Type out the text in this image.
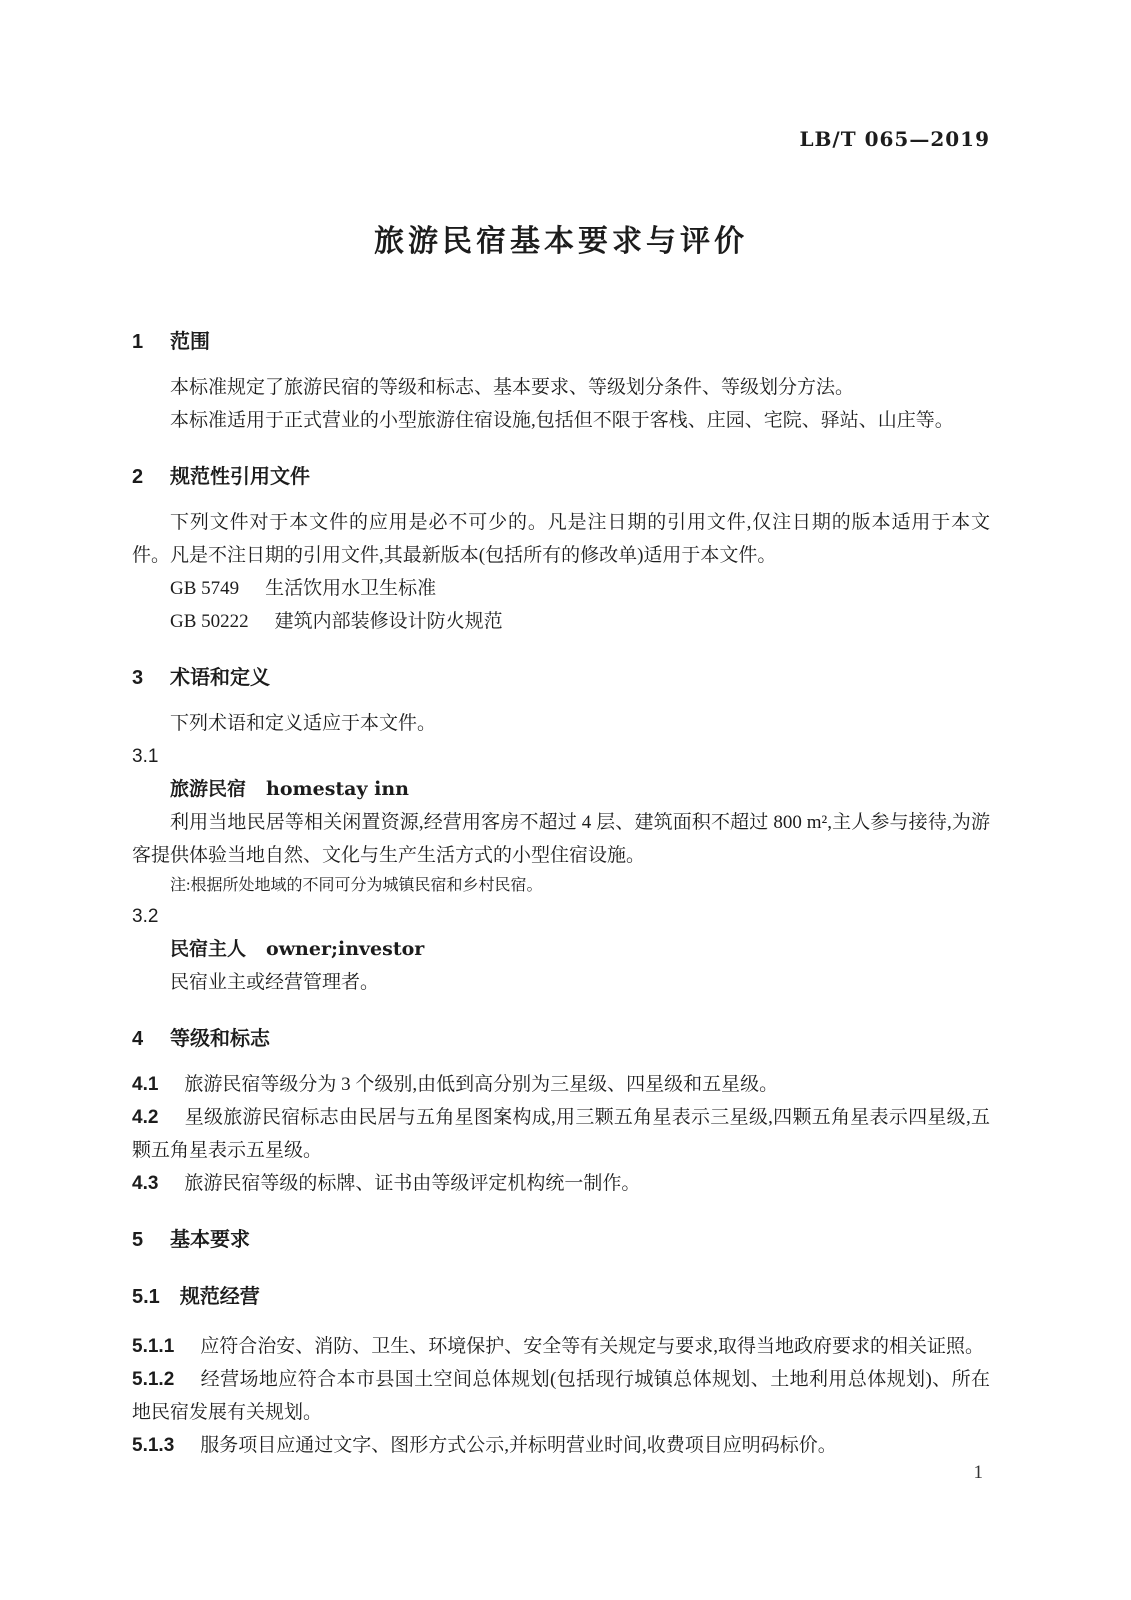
LB/T 065—2019
旅游民宿基本要求与评价
1 范围

本标准规定了旅游民宿的等级和标志、基本要求、等级划分条件、等级划分方法。

本标准适用于正式营业的小型旅游住宿设施,包括但不限于客栈、庄园、宅院、驿站、山庄等。

2 规范性引用文件

下列文件对于本文件的应用是必不可少的。凡是注日期的引用文件,仅注日期的版本适用于本文件。凡是不注日期的引用文件,其最新版本(包括所有的修改单)适用于本文件。

GB 5749 生活饮用水卫生标准

GB 50222 建筑内部装修设计防火规范

3 术语和定义

下列术语和定义适应于本文件。

3.1

旅游民宿 homestay inn

利用当地民居等相关闲置资源,经营用客房不超过 4 层、建筑面积不超过 800 m²,主人参与接待,为游客提供体验当地自然、文化与生产生活方式的小型住宿设施。

注:根据所处地域的不同可分为城镇民宿和乡村民宿。

3.2

民宿主人 owner;investor

民宿业主或经营管理者。

4 等级和标志

4.1 旅游民宿等级分为 3 个级别,由低到高分别为三星级、四星级和五星级。

4.2 星级旅游民宿标志由民居与五角星图案构成,用三颗五角星表示三星级,四颗五角星表示四星级,五颗五角星表示五星级。

4.3 旅游民宿等级的标牌、证书由等级评定机构统一制作。

5 基本要求
5.1 规范经营

5.1.1 应符合治安、消防、卫生、环境保护、安全等有关规定与要求,取得当地政府要求的相关证照。

5.1.2 经营场地应符合本市县国土空间总体规划(包括现行城镇总体规划、土地利用总体规划)、所在地民宿发展有关规划。

5.1.3 服务项目应通过文字、图形方式公示,并标明营业时间,收费项目应明码标价。

1
